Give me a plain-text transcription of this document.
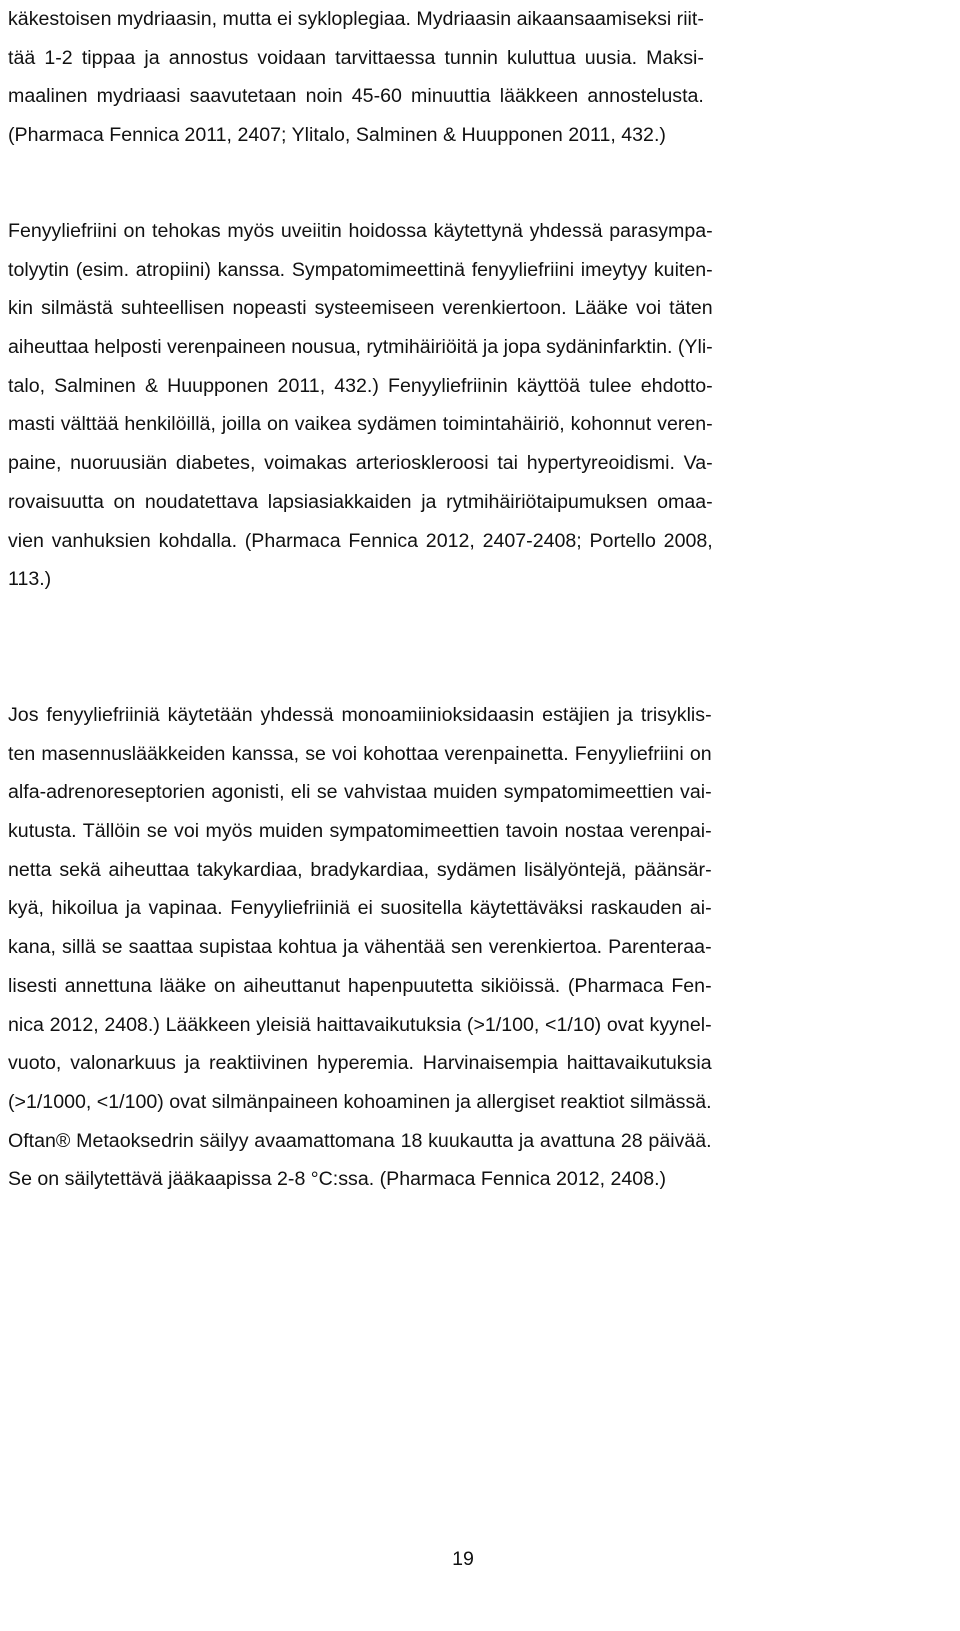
käkestoisen mydriaasin, mutta ei sykloplegiaa. Mydriaasin aikaansaamiseksi riit-
tää 1-2 tippaa ja annostus voidaan tarvittaessa tunnin kuluttua uusia. Maksi-
maalinen mydriaasi saavutetaan noin 45-60 minuuttia lääkkeen annostelusta.
(Pharmaca Fennica 2011, 2407; Ylitalo, Salminen & Huupponen 2011, 432.)
Fenyyliefriini on tehokas myös uveiitin hoidossa käytettynä yhdessä parasympa-
tolyytin (esim. atropiini) kanssa. Sympatomimeettinä fenyyliefriini imeytyy kuiten-
kin silmästä suhteellisen nopeasti systeemiseen verenkiertoon. Lääke voi täten
aiheuttaa helposti verenpaineen nousua, rytmihäiriöitä ja jopa sydäninfarktin. (Yli-
talo, Salminen & Huupponen 2011, 432.) Fenyyliefriinin käyttöä tulee ehdotto-
masti välttää henkilöillä, joilla on vaikea sydämen toimintahäiriö, kohonnut veren-
paine, nuoruusiän diabetes, voimakas arterioskleroosi tai hypertyreoidismi. Va-
rovaisuutta on noudatettava lapsiasiakkaiden ja rytmihäiriötaipumuksen omaa-
vien vanhuksien kohdalla. (Pharmaca Fennica 2012, 2407-2408; Portello 2008,
113.)
Jos fenyyliefriiniä käytetään yhdessä monoamiinioksidaasin estäjien ja trisyklis-
ten masennuslääkkeiden kanssa, se voi kohottaa verenpainetta. Fenyyliefriini on
alfa-adrenoreseptorien agonisti, eli se vahvistaa muiden sympatomimeettien vai-
kutusta. Tällöin se voi myös muiden sympatomimeettien tavoin nostaa verenpai-
netta sekä aiheuttaa takykardiaa, bradykardiaa, sydämen lisälyöntejä, päänsär-
kyä, hikoilua ja vapinaa. Fenyyliefriiniä ei suositella käytettäväksi raskauden ai-
kana, sillä se saattaa supistaa kohtua ja vähentää sen verenkiertoa. Parenteraa-
lisesti annettuna lääke on aiheuttanut hapenpuutetta sikiöissä. (Pharmaca Fen-
nica 2012, 2408.) Lääkkeen yleisiä haittavaikutuksia (>1/100, <1/10) ovat kyynel-
vuoto, valonarkuus ja reaktiivinen hyperemia. Harvinaisempia haittavaikutuksia
(>1/1000, <1/100) ovat silmänpaineen kohoaminen ja allergiset reaktiot silmässä.
Oftan® Metaoksedrin säilyy avaamattomana 18 kuukautta ja avattuna 28 päivää.
Se on säilytettävä jääkaapissa 2-8 °C:ssa. (Pharmaca Fennica 2012, 2408.)
19
